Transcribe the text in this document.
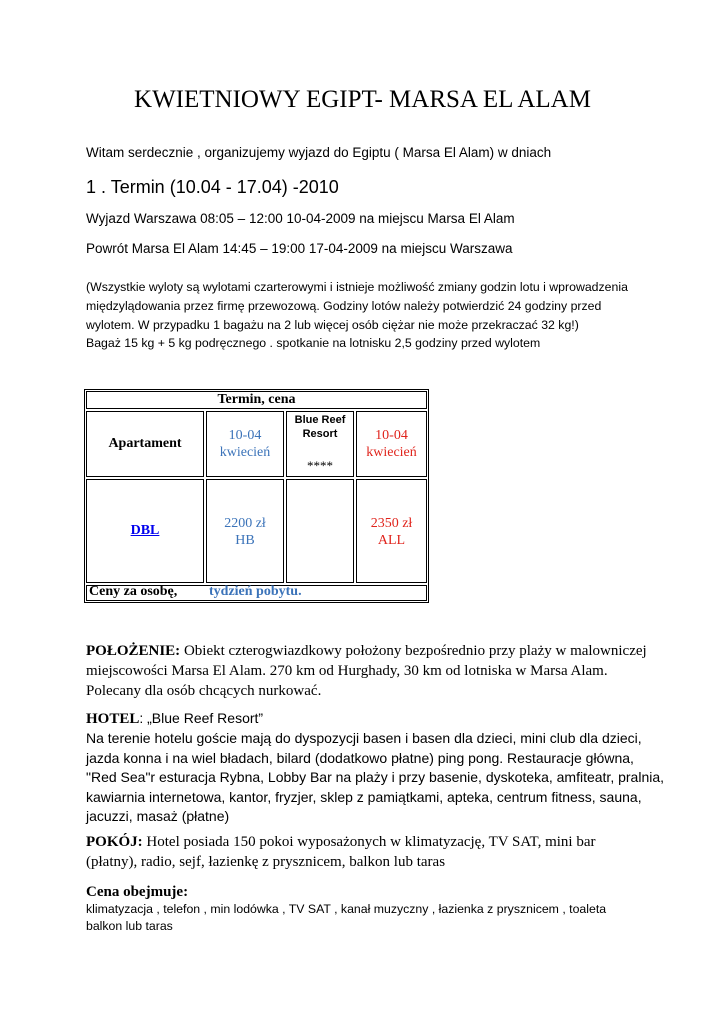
KWIETNIOWY EGIPT- MARSA EL ALAM
Witam serdecznie , organizujemy wyjazd do Egiptu ( Marsa El Alam) w dniach
1 . Termin (10.04 - 17.04) -2010
Wyjazd Warszawa 08:05 – 12:00 10-04-2009 na miejscu Marsa El Alam
Powrót Marsa El Alam 14:45 – 19:00 17-04-2009 na miejscu Warszawa
(Wszystkie wyloty są wylotami czarterowymi i istnieje możliwość zmiany godzin lotu i wprowadzenia
międzylądowania przez firmę przewozową. Godziny lotów należy potwierdzić 24 godziny przed
wylotem. W przypadku 1 bagażu na 2 lub więcej osób ciężar nie może przekraczać 32 kg!)
Bagaż 15 kg + 5 kg podręcznego . spotkanie na lotnisku 2,5 godziny przed wylotem
Termin, cena
Apartament
10-04
kwiecień
Blue Reef
Resort
****
10-04
kwiecień
DBL	2200 zł
HB
2350 zł
ALL
Ceny za osobę, tydzień pobytu.
POŁOŻENIE: Obiekt czterogwiazdkowy położony bezpośrednio przy plaży w malowniczej
miejscowości Marsa El Alam. 270 km od Hurghady, 30 km od lotniska w Marsa Alam.
Polecany dla osób chcących nurkować.
HOTEL: „Blue Reef Resort”
Na terenie hotelu goście mają do dyspozycji basen i basen dla dzieci, mini club dla dzieci,
jazda konna i na wiel bładach, bilard (dodatkowo płatne) ping pong. Restauracje główna,
"Red Sea"r esturacja Rybna, Lobby Bar na plaży i przy basenie, dyskoteka, amfiteatr, pralnia,
kawiarnia internetowa, kantor, fryzjer, sklep z pamiątkami, apteka, centrum fitness, sauna,
jacuzzi, masaż (płatne)
POKÓJ: Hotel posiada 150 pokoi wyposażonych w klimatyzację, TV SAT, mini bar
(płatny), radio, sejf, łazienkę z prysznicem, balkon lub taras
Cena obejmuje:
klimatyzacja , telefon , min lodówka , TV SAT , kanał muzyczny , łazienka z prysznicem , toaleta
balkon lub taras
